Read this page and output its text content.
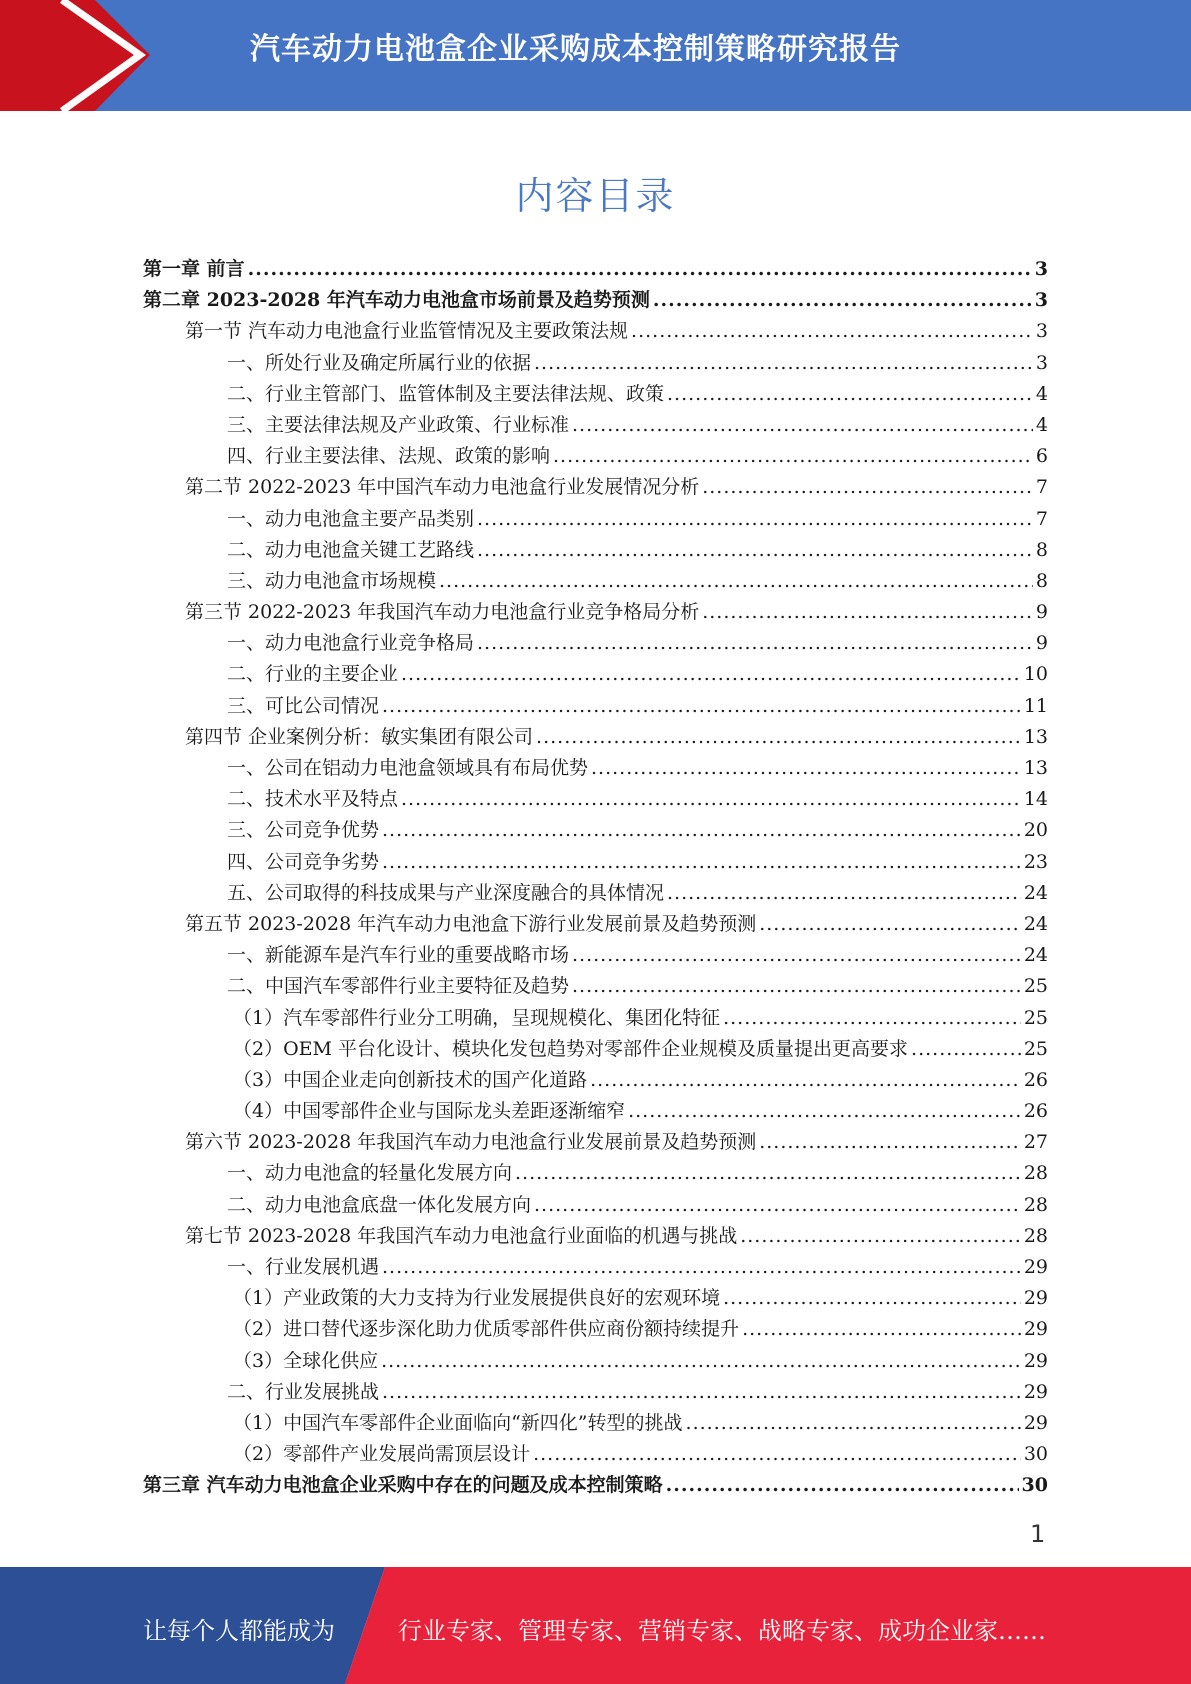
汽车动力电池盒企业采购成本控制策略研究报告
内容目录
第一章 前言 .....	3
第二章 2023-2028 年汽车动力电池盒市场前景及趋势预测 .....	3
第一节 汽车动力电池盒行业监管情况及主要政策法规 .....	3
一、所处行业及确定所属行业的依据 .....	3
二、行业主管部门、监管体制及主要法律法规、政策 .....	4
三、主要法律法规及产业政策、行业标准 .....	4
四、行业主要法律、法规、政策的影响 .....	6
第二节 2022-2023 年中国汽车动力电池盒行业发展情况分析 .....	7
一、动力电池盒主要产品类别 .....	7
二、动力电池盒关键工艺路线 .....	8
三、动力电池盒市场规模 .....	8
第三节 2022-2023 年我国汽车动力电池盒行业竞争格局分析 .....	9
一、动力电池盒行业竞争格局 .....	9
二、行业的主要企业 .....	10
三、可比公司情况 .....	11
第四节 企业案例分析：敏实集团有限公司 .....	13
一、公司在铝动力电池盒领域具有布局优势 .....	13
二、技术水平及特点 .....	14
三、公司竞争优势 .....	20
四、公司竞争劣势 .....	23
五、公司取得的科技成果与产业深度融合的具体情况 .....	24
第五节 2023-2028 年汽车动力电池盒下游行业发展前景及趋势预测 .....	24
一、新能源车是汽车行业的重要战略市场 .....	24
二、中国汽车零部件行业主要特征及趋势 .....	25
（1）汽车零部件行业分工明确，呈现规模化、集团化特征 .....	25
（2）OEM 平台化设计、模块化发包趋势对零部件企业规模及质量提出更高要求 .....	25
（3）中国企业走向创新技术的国产化道路 .....	26
（4）中国零部件企业与国际龙头差距逐渐缩窄 .....	26
第六节 2023-2028 年我国汽车动力电池盒行业发展前景及趋势预测 .....	27
一、动力电池盒的轻量化发展方向 .....	28
二、动力电池盒底盘一体化发展方向 .....	28
第七节 2023-2028 年我国汽车动力电池盒行业面临的机遇与挑战 .....	28
一、行业发展机遇 .....	29
（1）产业政策的大力支持为行业发展提供良好的宏观环境 .....	29
（2）进口替代逐步深化助力优质零部件供应商份额持续提升 .....	29
（3）全球化供应 .....	29
二、行业发展挑战 .....	29
（1）中国汽车零部件企业面临向“新四化”转型的挑战 .....	29
（2）零部件产业发展尚需顶层设计 .....	30
第三章 汽车动力电池盒企业采购中存在的问题及成本控制策略 .....	30
1
让每个人都能成为	行业专家、管理专家、营销专家、战略专家、成功企业家……
